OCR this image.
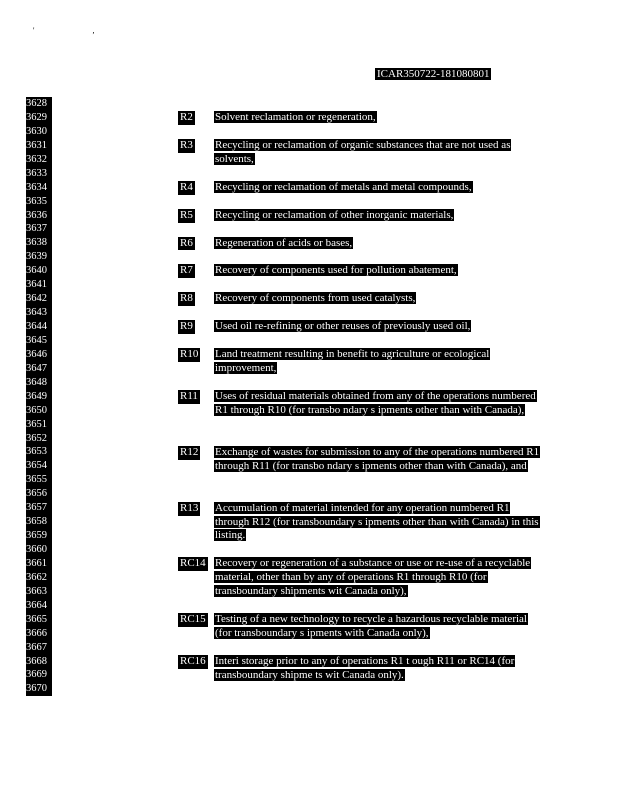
' ,
ICAR350722-181080801
3628
3629
3630
3631
3632
3633
3634
3635
3636
3637
3638
3639
3640
3641
3642
3643
3644
3645
3646
3647
3648
3649
3650
3651
3652
3653
3654
3655
3656
3657
3658
3659
3660
3661
3662
3663
3664
3665
3666
3667
3668
3669
3670
R2 Solvent reclamation or regeneration,
R3 Recycling or reclamation of organic substances that are not used as solvents,
R4 Recycling or reclamation of metals and metal compounds,
R5 Recycling or reclamation of other inorganic materials,
R6 Regeneration of acids or bases,
R7 Recovery of components used for pollution abatement,
R8 Recovery of components from used catalysts,
R9 Used oil re-refining or other reuses of previously used oil,
R10 Land treatment resulting in benefit to agriculture or ecological improvement,
R11 Uses of residual materials obtained from any of the operations numbered R1 through R10 (for transbo ndary s ipments other than with Canada),
R12 Exchange of wastes for submission to any of the operations numbered R1 through R11 (for transbo ndary s ipments other than with Canada), and
R13 Accumulation of material intended for any operation numbered R1 through R12 (for transboundary s ipments other than with Canada) in this listing.
RC14 Recovery or regeneration of a substance or use or re-use of a recyclable material, other than by any of operations R1 through R10 (for transboundary shipments wit Canada only),
RC15 Testing of a new technology to recycle a hazardous recyclable material (for transboundary s ipments with Canada only),
RC16 Interi storage prior to any of operations R1 t ough R11 or RC14 (for transboundary shipme ts wit Canada only).
